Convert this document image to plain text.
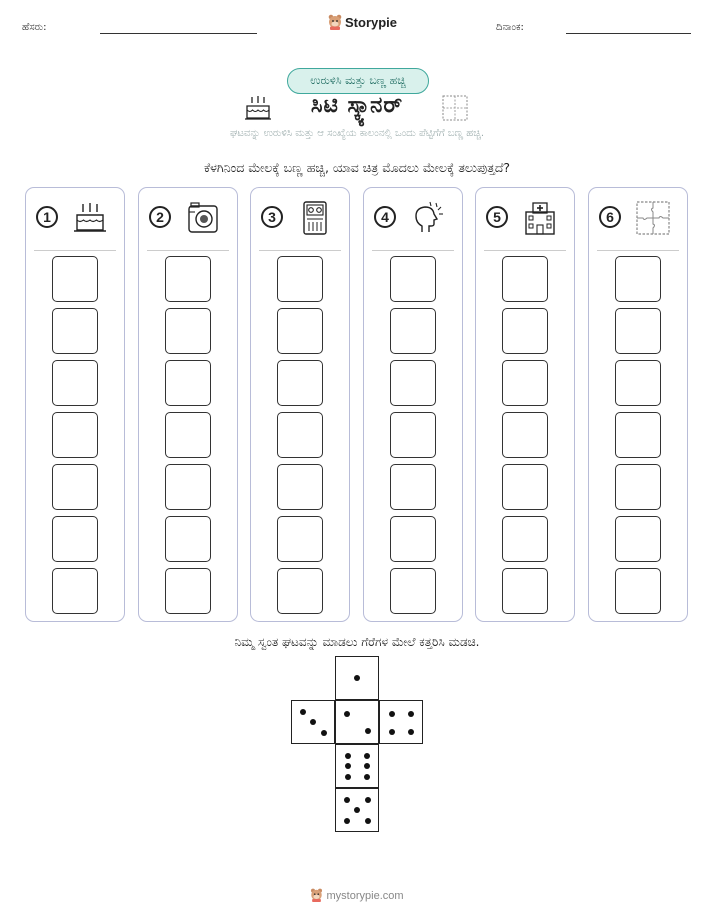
ಹೆಸರು:	Storypie	ದಿನಾಂಕ:
ಉರುಳಿಸಿ ಮತ್ತು ಬಣ್ಣ ಹಚ್ಚಿ
ಸಿಟಿ ಸ್ಕ್ಯಾನರ್
ಘಟವನ್ನು ಉರುಳಿಸಿ ಮತ್ತು ಆ ಸಂಖ್ಯೆಯ ಕಾಲಂನಲ್ಲಿ ಒಂದು ಪೆಟ್ಟಿಗೆಗೆ ಬಣ್ಣ ಹಚ್ಚಿ.
ಕೆಳಗಿನಿಂದ ಮೇಲಕ್ಕೆ ಬಣ್ಣ ಹಚ್ಚಿ, ಯಾವ ಚಿತ್ರ ಮೊದಲು ಮೇಲಕ್ಕೆ ತಲುಪುತ್ತದೆ?
1	2	3	4	5	6
ನಿಮ್ಮ ಸ್ವಂತ ಘಟವನ್ನು ಮಾಡಲು ಗೆರೆಗಳ ಮೇಲೆ ಕತ್ತರಿಸಿ ಮಡಚಿ.
mystorypie.com
